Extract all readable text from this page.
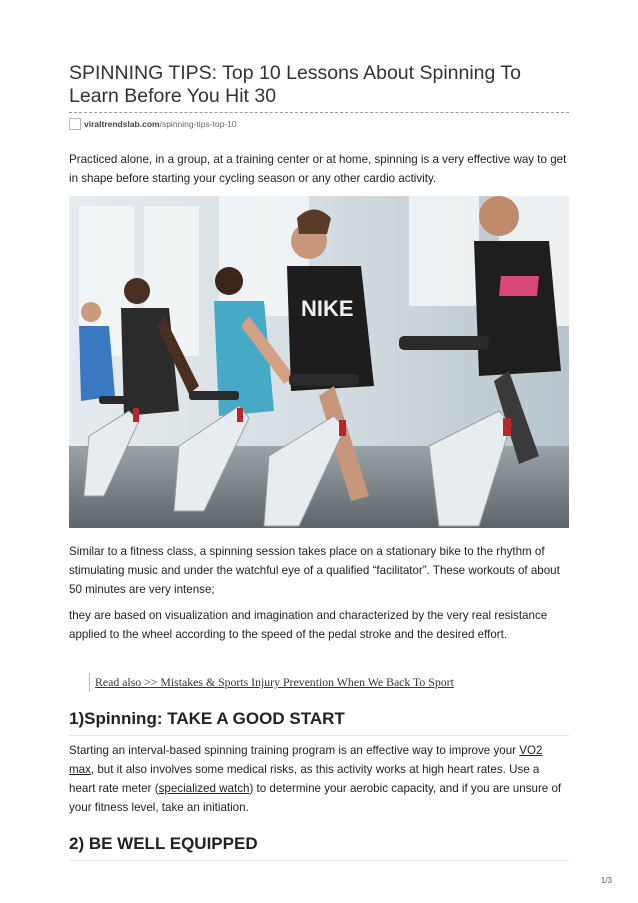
SPINNING TIPS: Top 10 Lessons About Spinning To Learn Before You Hit 30
viraltrendslab.com /spinning-tips-top-10

Practiced alone, in a group, at a training center or at home, spinning is a very effective way to get in shape before starting your cycling season or any other cardio activity.

NIKE

Similar to a fitness class, a spinning session takes place on a stationary bike to the rhythm of stimulating music and under the watchful eye of a qualified “facilitator”. These workouts of about 50 minutes are very intense;

they are based on visualization and imagination and characterized by the very real resistance applied to the wheel according to the speed of the pedal stroke and the desired effort.

Read also >> Mistakes & Sports Injury Prevention When We Back To Sport
1)Spinning: TAKE A GOOD START

Starting an interval-based spinning training program is an effective way to improve your VO2 max, but it also involves some medical risks, as this activity works at high heart rates. Use a heart rate meter (specialized watch) to determine your aerobic capacity, and if you are unsure of your fitness level, take an initiation.

2) BE WELL EQUIPPED
1/3
